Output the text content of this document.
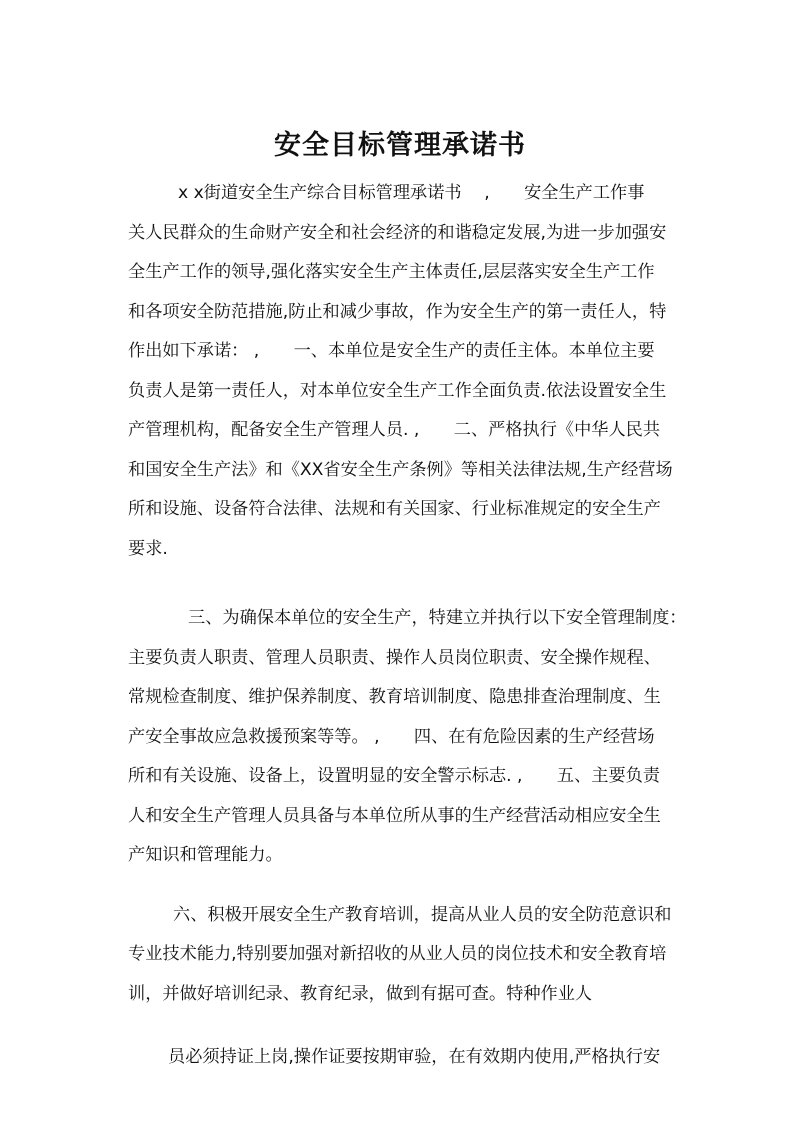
安全目标管理承诺书
x x街道安全生产综合目标管理承诺书　 ,　　安全生产工作事
关人民群众的生命财产安全和社会经济的和谐稳定发展,为进一步加强安
全生产工作的领导,强化落实安全生产主体责任,层层落实安全生产工作
和各项安全防范措施,防止和减少事故，作为安全生产的第一责任人，特
作出如下承诺： ,　　一、本单位是安全生产的责任主体。本单位主要
负责人是第一责任人，对本单位安全生产工作全面负责.依法设置安全生
产管理机构，配备安全生产管理人员. ,　　二、严格执行《中华人民共
和国安全生产法》和《XX省安全生产条例》等相关法律法规,生产经营场
所和设施、设备符合法律、法规和有关国家、行业标准规定的安全生产
要求.
三、为确保本单位的安全生产，特建立并执行以下安全管理制度：
主要负责人职责、管理人员职责、操作人员岗位职责、安全操作规程、
常规检查制度、维护保养制度、教育培训制度、隐患排查治理制度、生
产安全事故应急救援预案等等。 ,　　四、在有危险因素的生产经营场
所和有关设施、设备上，设置明显的安全警示标志. ,　　五、主要负责
人和安全生产管理人员具备与本单位所从事的生产经营活动相应安全生
产知识和管理能力。
六、积极开展安全生产教育培训，提高从业人员的安全防范意识和
专业技术能力,特别要加强对新招收的从业人员的岗位技术和安全教育培
训，并做好培训纪录、教育纪录，做到有据可查。特种作业人
员必须持证上岗,操作证要按期审验，在有效期内使用,严格执行安
